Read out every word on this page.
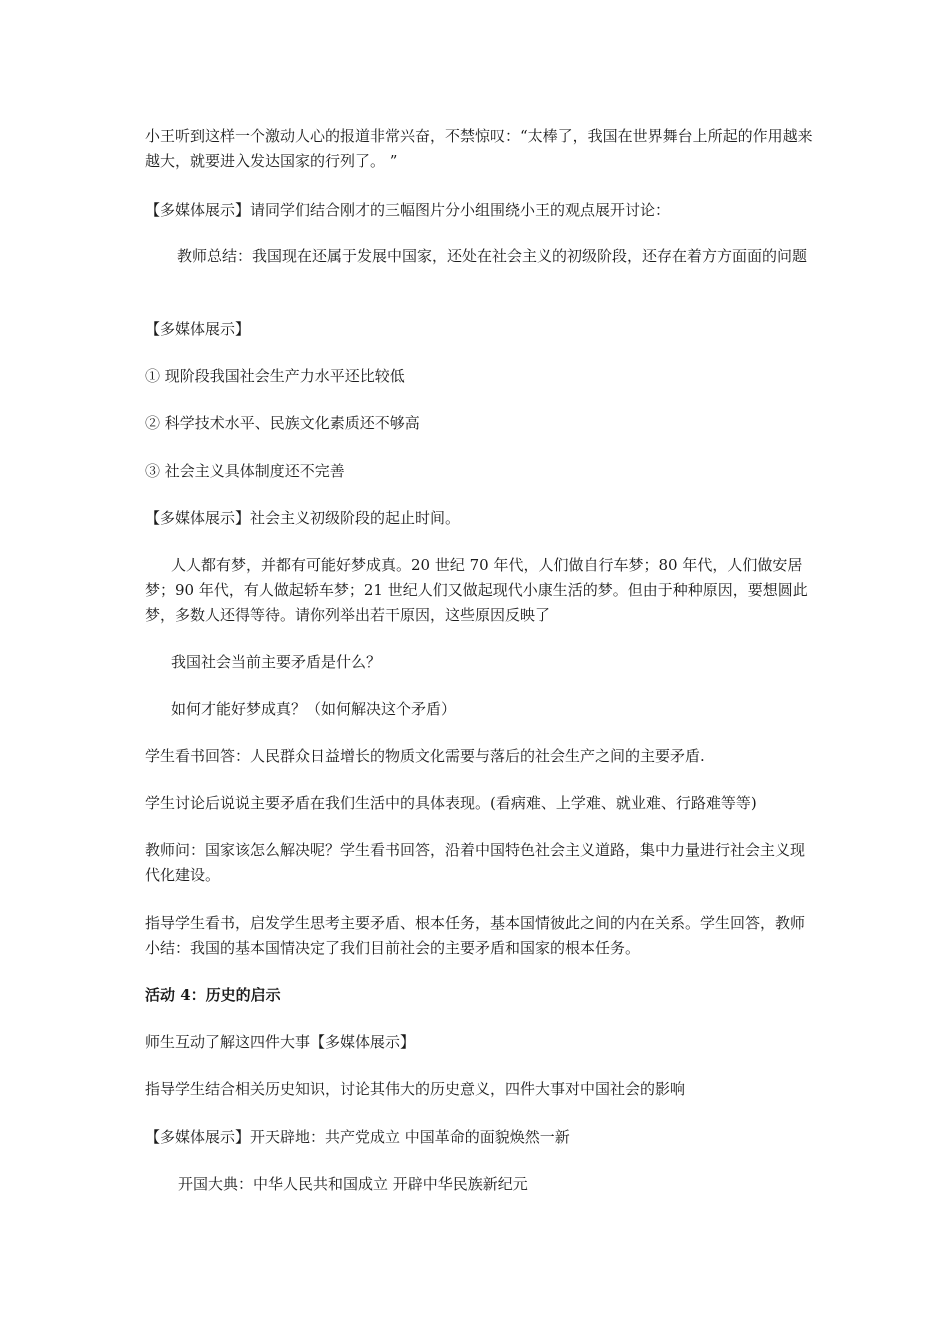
小王听到这样一个激动人心的报道非常兴奋，不禁惊叹：“太棒了，我国在世界舞台上所起的作用越来越大，就要进入发达国家的行列了。 ”

【多媒体展示】请同学们结合刚才的三幅图片分小组围绕小王的观点展开讨论：

教师总结：我国现在还属于发展中国家，还处在社会主义的初级阶段，还存在着方方面面的问题

【多媒体展示】

① 现阶段我国社会生产力水平还比较低

② 科学技术水平、民族文化素质还不够高

③ 社会主义具体制度还不完善

【多媒体展示】社会主义初级阶段的起止时间。

人人都有梦，并都有可能好梦成真。20 世纪 70 年代，人们做自行车梦；80 年代，人们做安居梦；90 年代，有人做起轿车梦；21 世纪人们又做起现代小康生活的梦。但由于种种原因，要想圆此梦，多数人还得等待。请你列举出若干原因，这些原因反映了

我国社会当前主要矛盾是什么？

如何才能好梦成真？（如何解决这个矛盾）

学生看书回答：人民群众日益增长的物质文化需要与落后的社会生产之间的主要矛盾.

学生讨论后说说主要矛盾在我们生活中的具体表现。(看病难、上学难、就业难、行路难等等)

教师问：国家该怎么解决呢？学生看书回答，沿着中国特色社会主义道路，集中力量进行社会主义现代化建设。

指导学生看书，启发学生思考主要矛盾、根本任务，基本国情彼此之间的内在关系。学生回答，教师小结：我国的基本国情决定了我们目前社会的主要矛盾和国家的根本任务。

活动 4：历史的启示

师生互动了解这四件大事【多媒体展示】

指导学生结合相关历史知识，讨论其伟大的历史意义，四件大事对中国社会的影响

【多媒体展示】开天辟地：共产党成立 中国革命的面貌焕然一新

开国大典：中华人民共和国成立 开辟中华民族新纪元
